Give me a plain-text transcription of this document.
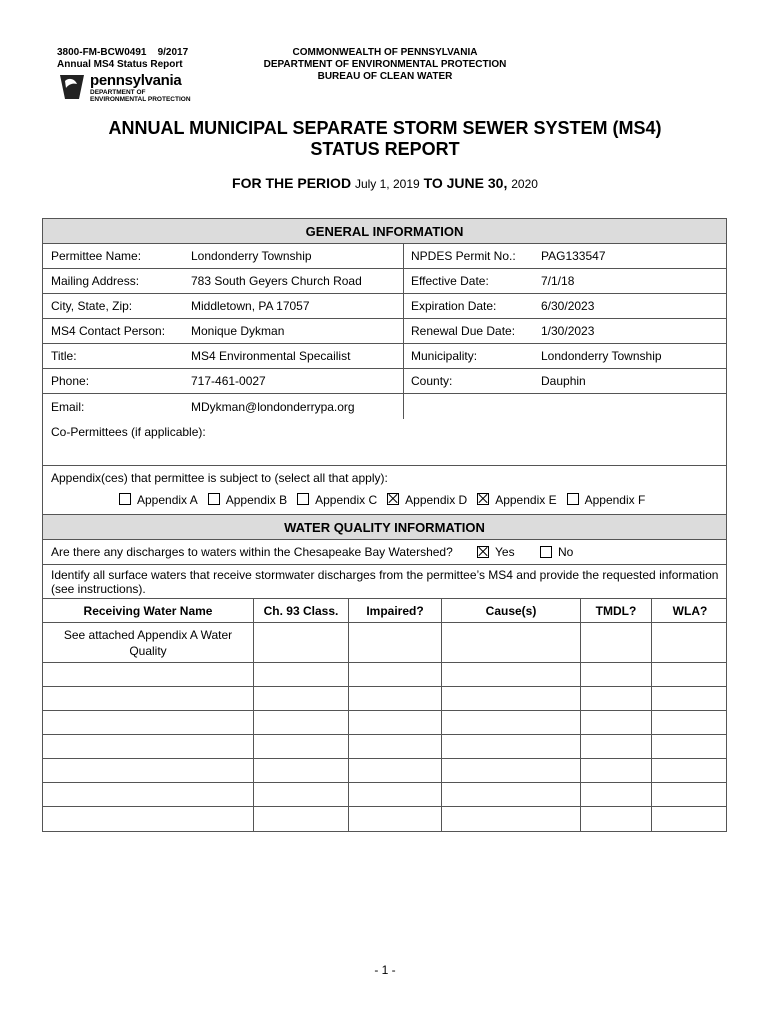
3800-FM-BCW0491    9/2017
Annual MS4 Status Report
pennsylvania
DEPARTMENT OF ENVIRONMENTAL PROTECTION
COMMONWEALTH OF PENNSYLVANIA
DEPARTMENT OF ENVIRONMENTAL PROTECTION
BUREAU OF CLEAN WATER
ANNUAL MUNICIPAL SEPARATE STORM SEWER SYSTEM (MS4)
STATUS REPORT
FOR THE PERIOD July 1, 2019 TO JUNE 30, 2020
GENERAL INFORMATION
Permittee Name:	Londonderry Township	NPDES Permit No.:	PAG133547
Mailing Address:	783 South Geyers Church Road	Effective Date:	7/1/18
City, State, Zip:	Middletown, PA 17057	Expiration Date:	6/30/2023
MS4 Contact Person:	Monique Dykman	Renewal Due Date:	1/30/2023
Title:	MS4 Environmental Specailist	Municipality:	Londonderry Township
Phone:	717-461-0027	County:	Dauphin
Email:	MDykman@londonderrypa.org
Co-Permittees (if applicable):
Appendix(ces) that permittee is subject to (select all that apply):
Appendix A Appendix B Appendix C Appendix D Appendix E Appendix F
WATER QUALITY INFORMATION
Are there any discharges to waters within the Chesapeake Bay Watershed?	Yes	No
Identify all surface waters that receive stormwater discharges from the permittee’s MS4 and provide the requested information (see instructions).
Receiving Water Name	Ch. 93 Class.	Impaired?	Cause(s)	TMDL?	WLA?
See attached Appendix A Water Quality
- 1 -
